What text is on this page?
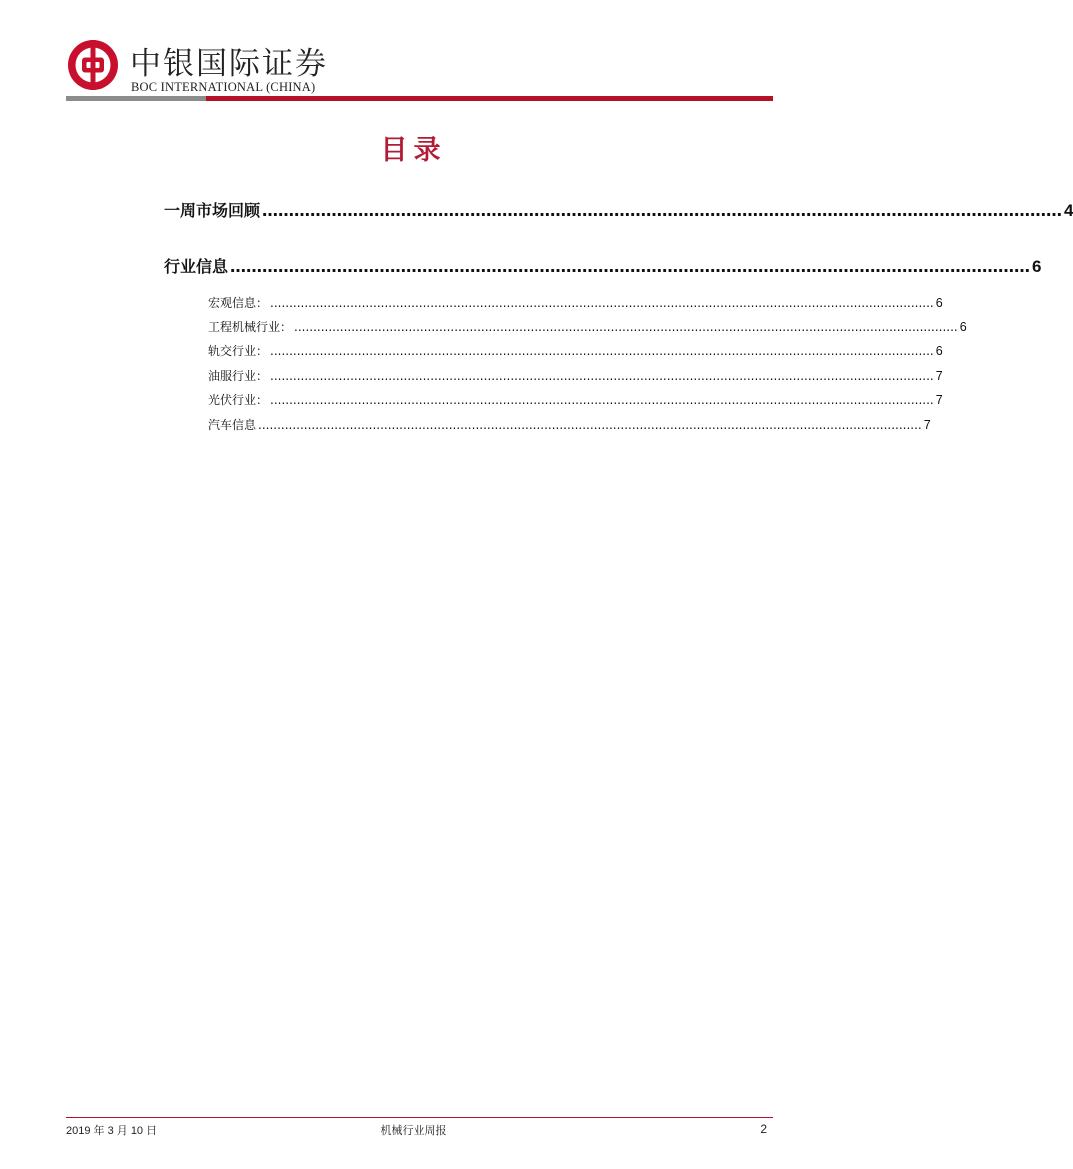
中银国际证券
BOC INTERNATIONAL (CHINA)
目录
一周市场回顾 …………………………………………………………………………………………………………………………………… 4
行业信息 …………………………………………………………………………………………………………………………………… 6
宏观信息： .............................................................................................................................................................................. 6
工程机械行业： .............................................................................................................................................................................. 6
轨交行业： .............................................................................................................................................................................. 6
油服行业： .............................................................................................................................................................................. 7
光伏行业： .............................................................................................................................................................................. 7
汽车信息 .............................................................................................................................................................................. 7
2019 年 3 月 10 日	机械行业周报	2
